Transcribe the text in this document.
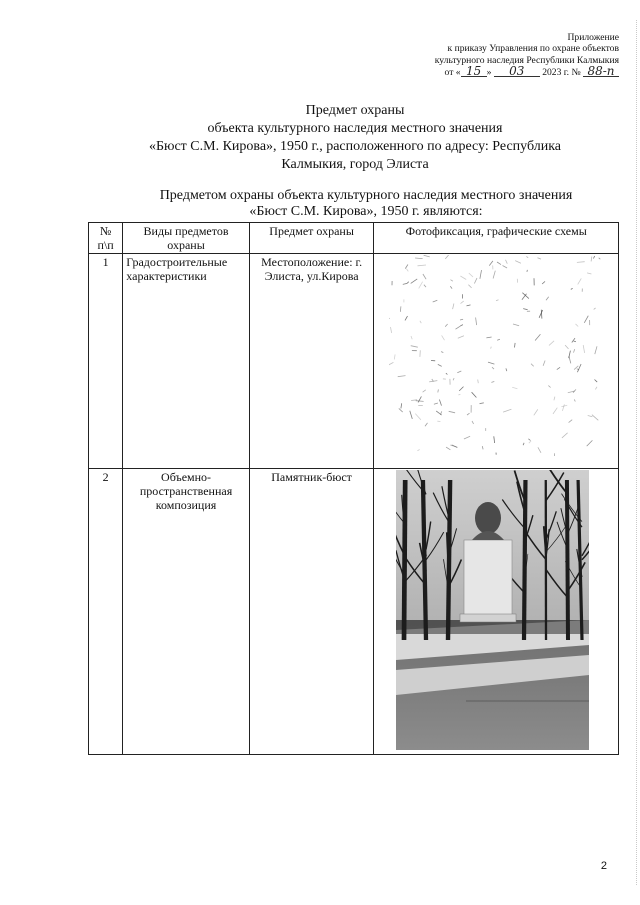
Приложение
к приказу Управления по охране объектов
культурного наследия Республики Калмыкия
от « 15 » 03 2023 г. № 88-п
Предмет охраны
объекта культурного наследия местного значения
«Бюст С.М. Кирова», 1950 г., расположенного по адресу: Республика
Калмыкия, город Элиста
Предметом охраны объекта культурного наследия местного значения
«Бюст С.М. Кирова», 1950 г. являются:
№ п\п	Виды предметов охраны	Предмет охраны	Фотофиксация, графические схемы
1	Градостроительные характеристики	Местоположение: г. Элиста, ул.Кирова	

2	Объемно-пространственная композиция	Памятник-бюст	
2
